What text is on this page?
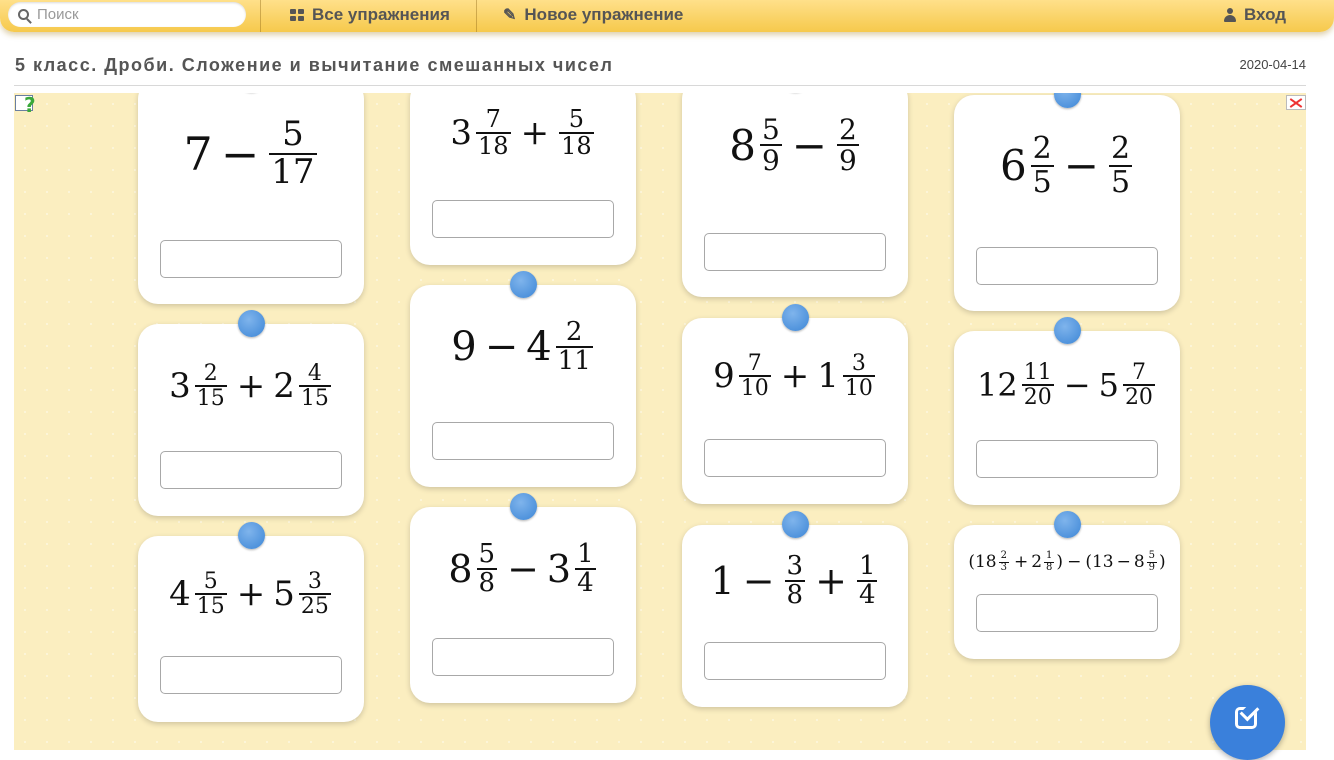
Поиск
Все упражнения	✎ Новое упражнение	Вход
5 класс. Дроби. Сложение и вычитание смешанных чисел	2020-04-14
?
$7 - \frac{5}{17}$
$3 \frac{2}{15} + 2 \frac{4}{15}$
$4 \frac{5}{15} + 5 \frac{3}{25}$
$3 \frac{7}{18} + \frac{5}{18}$
$9 - 4 \frac{2}{11}$
$8 \frac{5}{8} - 3 \frac{1}{4}$
$8 \frac{5}{9} - \frac{2}{9}$
$9 \frac{7}{10} + 1 \frac{3}{10}$
$1 - \frac{3}{8} + \frac{1}{4}$
$6 \frac{2}{5} - \frac{2}{5}$
$12 \frac{11}{20} - 5 \frac{7}{20}$
($18 \frac{2}{3} + 2 \frac{1}{8}$ ) − ($13 - 8 \frac{5}{9}$ )
